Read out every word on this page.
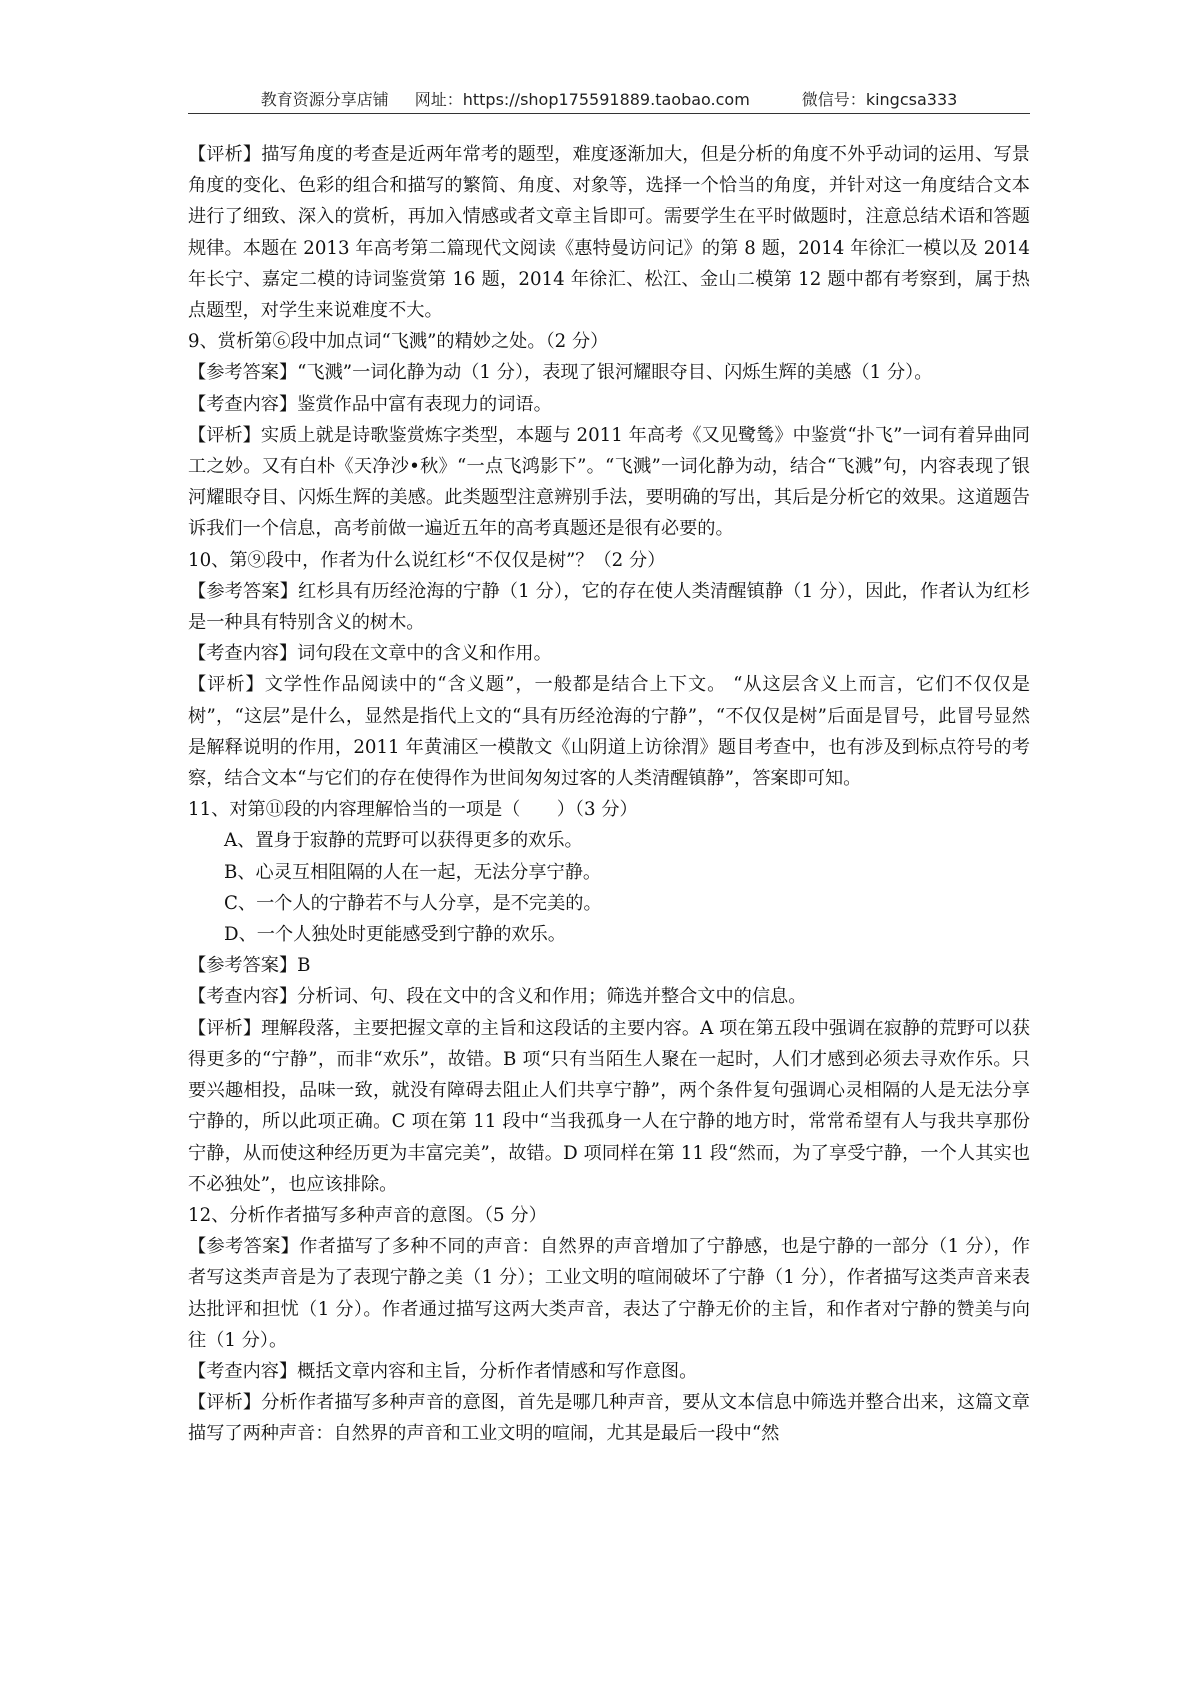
教育资源分享店铺 网址：https://shop175591889.taobao.com	微信号：kingcsa333

【评析】描写角度的考查是近两年常考的题型，难度逐渐加大，但是分析的角度不外乎动词的运用、写景角度的变化、色彩的组合和描写的繁简、角度、对象等，选择一个恰当的角度，并针对这一角度结合文本进行了细致、深入的赏析，再加入情感或者文章主旨即可。需要学生在平时做题时，注意总结术语和答题规律。本题在 2013 年高考第二篇现代文阅读《惠特曼访问记》的第 8 题，2014 年徐汇一模以及 2014 年长宁、嘉定二模的诗词鉴赏第 16 题，2014 年徐汇、松江、金山二模第 12 题中都有考察到，属于热点题型，对学生来说难度不大。

9、赏析第⑥段中加点词“飞溅”的精妙之处。（2 分）

【参考答案】“飞溅”一词化静为动（1 分），表现了银河耀眼夺目、闪烁生辉的美感（1 分）。

【考查内容】鉴赏作品中富有表现力的词语。

【评析】实质上就是诗歌鉴赏炼字类型，本题与 2011 年高考《又见鹭鸶》中鉴赏“扑飞”一词有着异曲同工之妙。又有白朴《天净沙•秋》“一点飞鸿影下”。“飞溅”一词化静为动，结合“飞溅”句，内容表现了银河耀眼夺目、闪烁生辉的美感。此类题型注意辨别手法，要明确的写出，其后是分析它的效果。这道题告诉我们一个信息，高考前做一遍近五年的高考真题还是很有必要的。

10、第⑨段中，作者为什么说红杉“不仅仅是树”？（2 分）

【参考答案】红杉具有历经沧海的宁静（1 分），它的存在使人类清醒镇静（1 分），因此，作者认为红杉是一种具有特别含义的树木。

【考查内容】词句段在文章中的含义和作用。

【评析】文学性作品阅读中的“含义题”，一般都是结合上下文。 “从这层含义上而言，它们不仅仅是树”，“这层”是什么，显然是指代上文的“具有历经沧海的宁静”，“不仅仅是树”后面是冒号，此冒号显然是解释说明的作用，2011 年黄浦区一模散文《山阴道上访徐渭》题目考查中，也有涉及到标点符号的考察，结合文本“与它们的存在使得作为世间匆匆过客的人类清醒镇静”，答案即可知。

11、对第⑪段的内容理解恰当的一项是（　　）（3 分）

A、置身于寂静的荒野可以获得更多的欢乐。

B、心灵互相阻隔的人在一起，无法分享宁静。

C、一个人的宁静若不与人分享，是不完美的。

D、一个人独处时更能感受到宁静的欢乐。

【参考答案】B

【考查内容】分析词、句、段在文中的含义和作用；筛选并整合文中的信息。

【评析】理解段落，主要把握文章的主旨和这段话的主要内容。A 项在第五段中强调在寂静的荒野可以获得更多的“宁静”，而非“欢乐”，故错。B 项“只有当陌生人聚在一起时，人们才感到必须去寻欢作乐。只要兴趣相投，品味一致，就没有障碍去阻止人们共享宁静”，两个条件复句强调心灵相隔的人是无法分享宁静的，所以此项正确。C 项在第 11 段中“当我孤身一人在宁静的地方时，常常希望有人与我共享那份宁静，从而使这种经历更为丰富完美”，故错。D 项同样在第 11 段“然而，为了享受宁静，一个人其实也不必独处”，也应该排除。

12、分析作者描写多种声音的意图。（5 分）

【参考答案】作者描写了多种不同的声音：自然界的声音增加了宁静感，也是宁静的一部分（1 分），作者写这类声音是为了表现宁静之美（1 分）；工业文明的喧闹破坏了宁静（1 分），作者描写这类声音来表达批评和担忧（1 分）。作者通过描写这两大类声音，表达了宁静无价的主旨，和作者对宁静的赞美与向往（1 分）。

【考查内容】概括文章内容和主旨，分析作者情感和写作意图。

【评析】分析作者描写多种声音的意图，首先是哪几种声音，要从文本信息中筛选并整合出来，这篇文章描写了两种声音：自然界的声音和工业文明的喧闹，尤其是最后一段中“然
